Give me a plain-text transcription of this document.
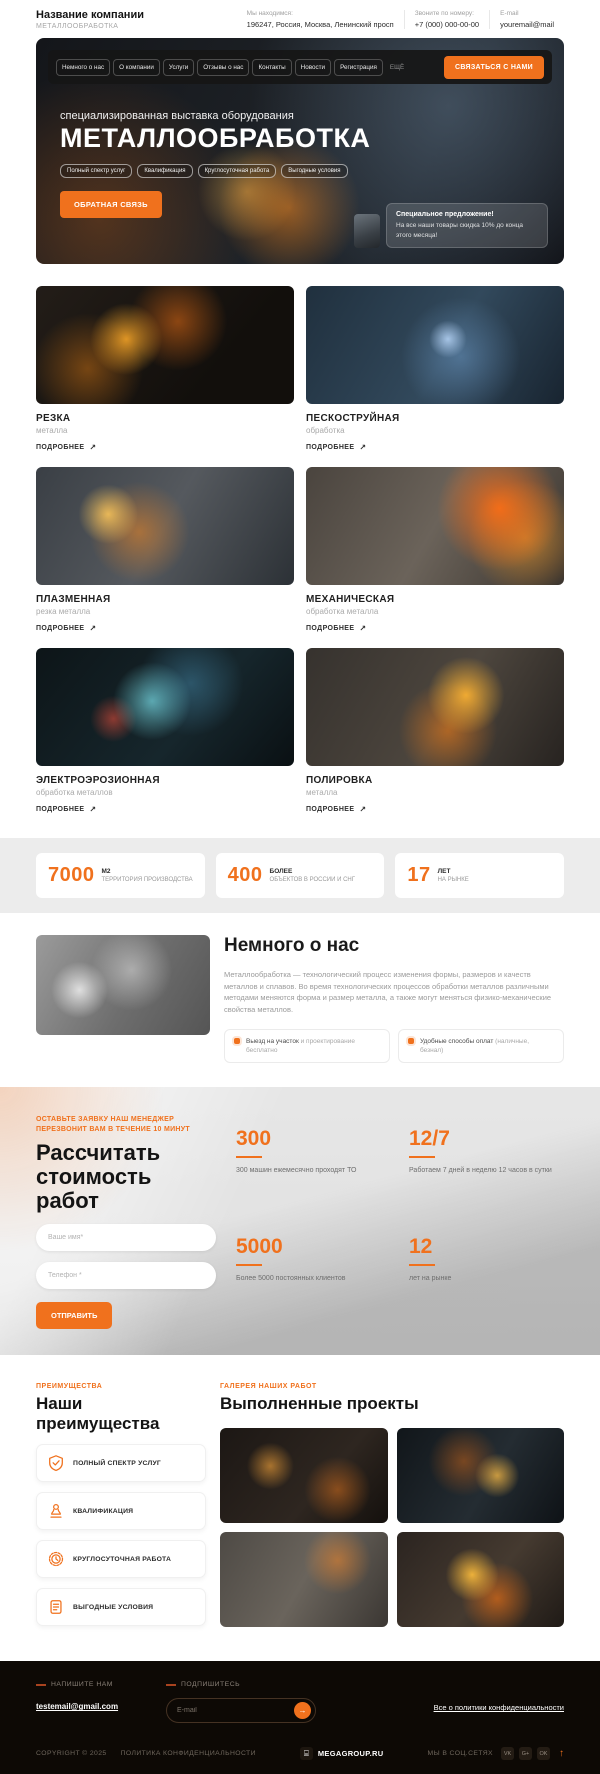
Название компании
МЕТАЛЛООБРАБОТКА
Мы находимся:
196247, Россия, Москва, Ленинский просп
Звоните по номеру:
+7 (000) 000-00-00
E-mail
youremail@mail
Немного о нас	О компании	Услуги	Отзывы о нас	Контакты	Новости	Регистрация	ЕЩЁ	СВЯЗАТЬСЯ С НАМИ
специализированная выставка оборудования
МЕТАЛЛООБРАБОТКА
Полный спектр услуг	Квалификация	Круглосуточная работа	Выгодные условия
ОБРАТНАЯ СВЯЗЬ
Специальное предложение!
На все наши товары скидка 10% до конца этого месяца!
РЕЗКА
металла
ПОДРОБНЕЕ ↗
ПЕСКОСТРУЙНАЯ
обработка
ПОДРОБНЕЕ ↗
ПЛАЗМЕННАЯ
резка металла
ПОДРОБНЕЕ ↗
МЕХАНИЧЕСКАЯ
обработка металла
ПОДРОБНЕЕ ↗
ЭЛЕКТРОЭРОЗИОННАЯ
обработка металлов
ПОДРОБНЕЕ ↗
ПОЛИРОВКА
металла
ПОДРОБНЕЕ ↗
7000 М2
ТЕРРИТОРИЯ ПРОИЗВОДСТВА 400 БОЛЕЕ
ОБЪЕКТОВ В РОССИИ И СНГ	17 ЛЕТ
НА РЫНКЕ
Немного о нас

Металлообработка — технологический процесс изменения формы, размеров и качеств металлов и сплавов. Во время технологических процессов обработки металлов различными методами меняются форма и размер металла, а также могут меняться физико-механические свойства металлов.

Выезд на участок и проектирование бесплатно
Удобные способы оплат (наличные, безнал)
ОСТАВЬТЕ ЗАЯВКУ НАШ МЕНЕДЖЕР ПЕРЕЗВОНИТ ВАМ В ТЕЧЕНИЕ 10 МИНУТ
Рассчитать стоимость работ
Ваше имя*
Телефон * ОТПРАВИТЬ
300
300 машин ежемесячно проходят ТО
12/7
Работаем 7 дней в неделю 12 часов в сутки
5000
Более 5000 постоянных клиентов
12
лет на рынке
ПРЕИМУЩЕСТВА
Наши преимущества
ПОЛНЫЙ СПЕКТР УСЛУГ
КВАЛИФИКАЦИЯ
КРУГЛОСУТОЧНАЯ РАБОТА
ВЫГОДНЫЕ УСЛОВИЯ
ГАЛЕРЕЯ НАШИХ РАБОТ
Выполненные проекты
НАПИШИТЕ НАМ
testemail@gmail.com
ПОДПИШИТЕСЬ
E-mail
→	Все о политики конфиденциальности
COPYRIGHT © 2025 ПОЛИТИКА КОНФИДЕНЦИАЛЬНОСТИ	⌸	MEGAGROUP.RU	МЫ В СОЦ.СЕТЯХ	VK	G+	OK ↑
